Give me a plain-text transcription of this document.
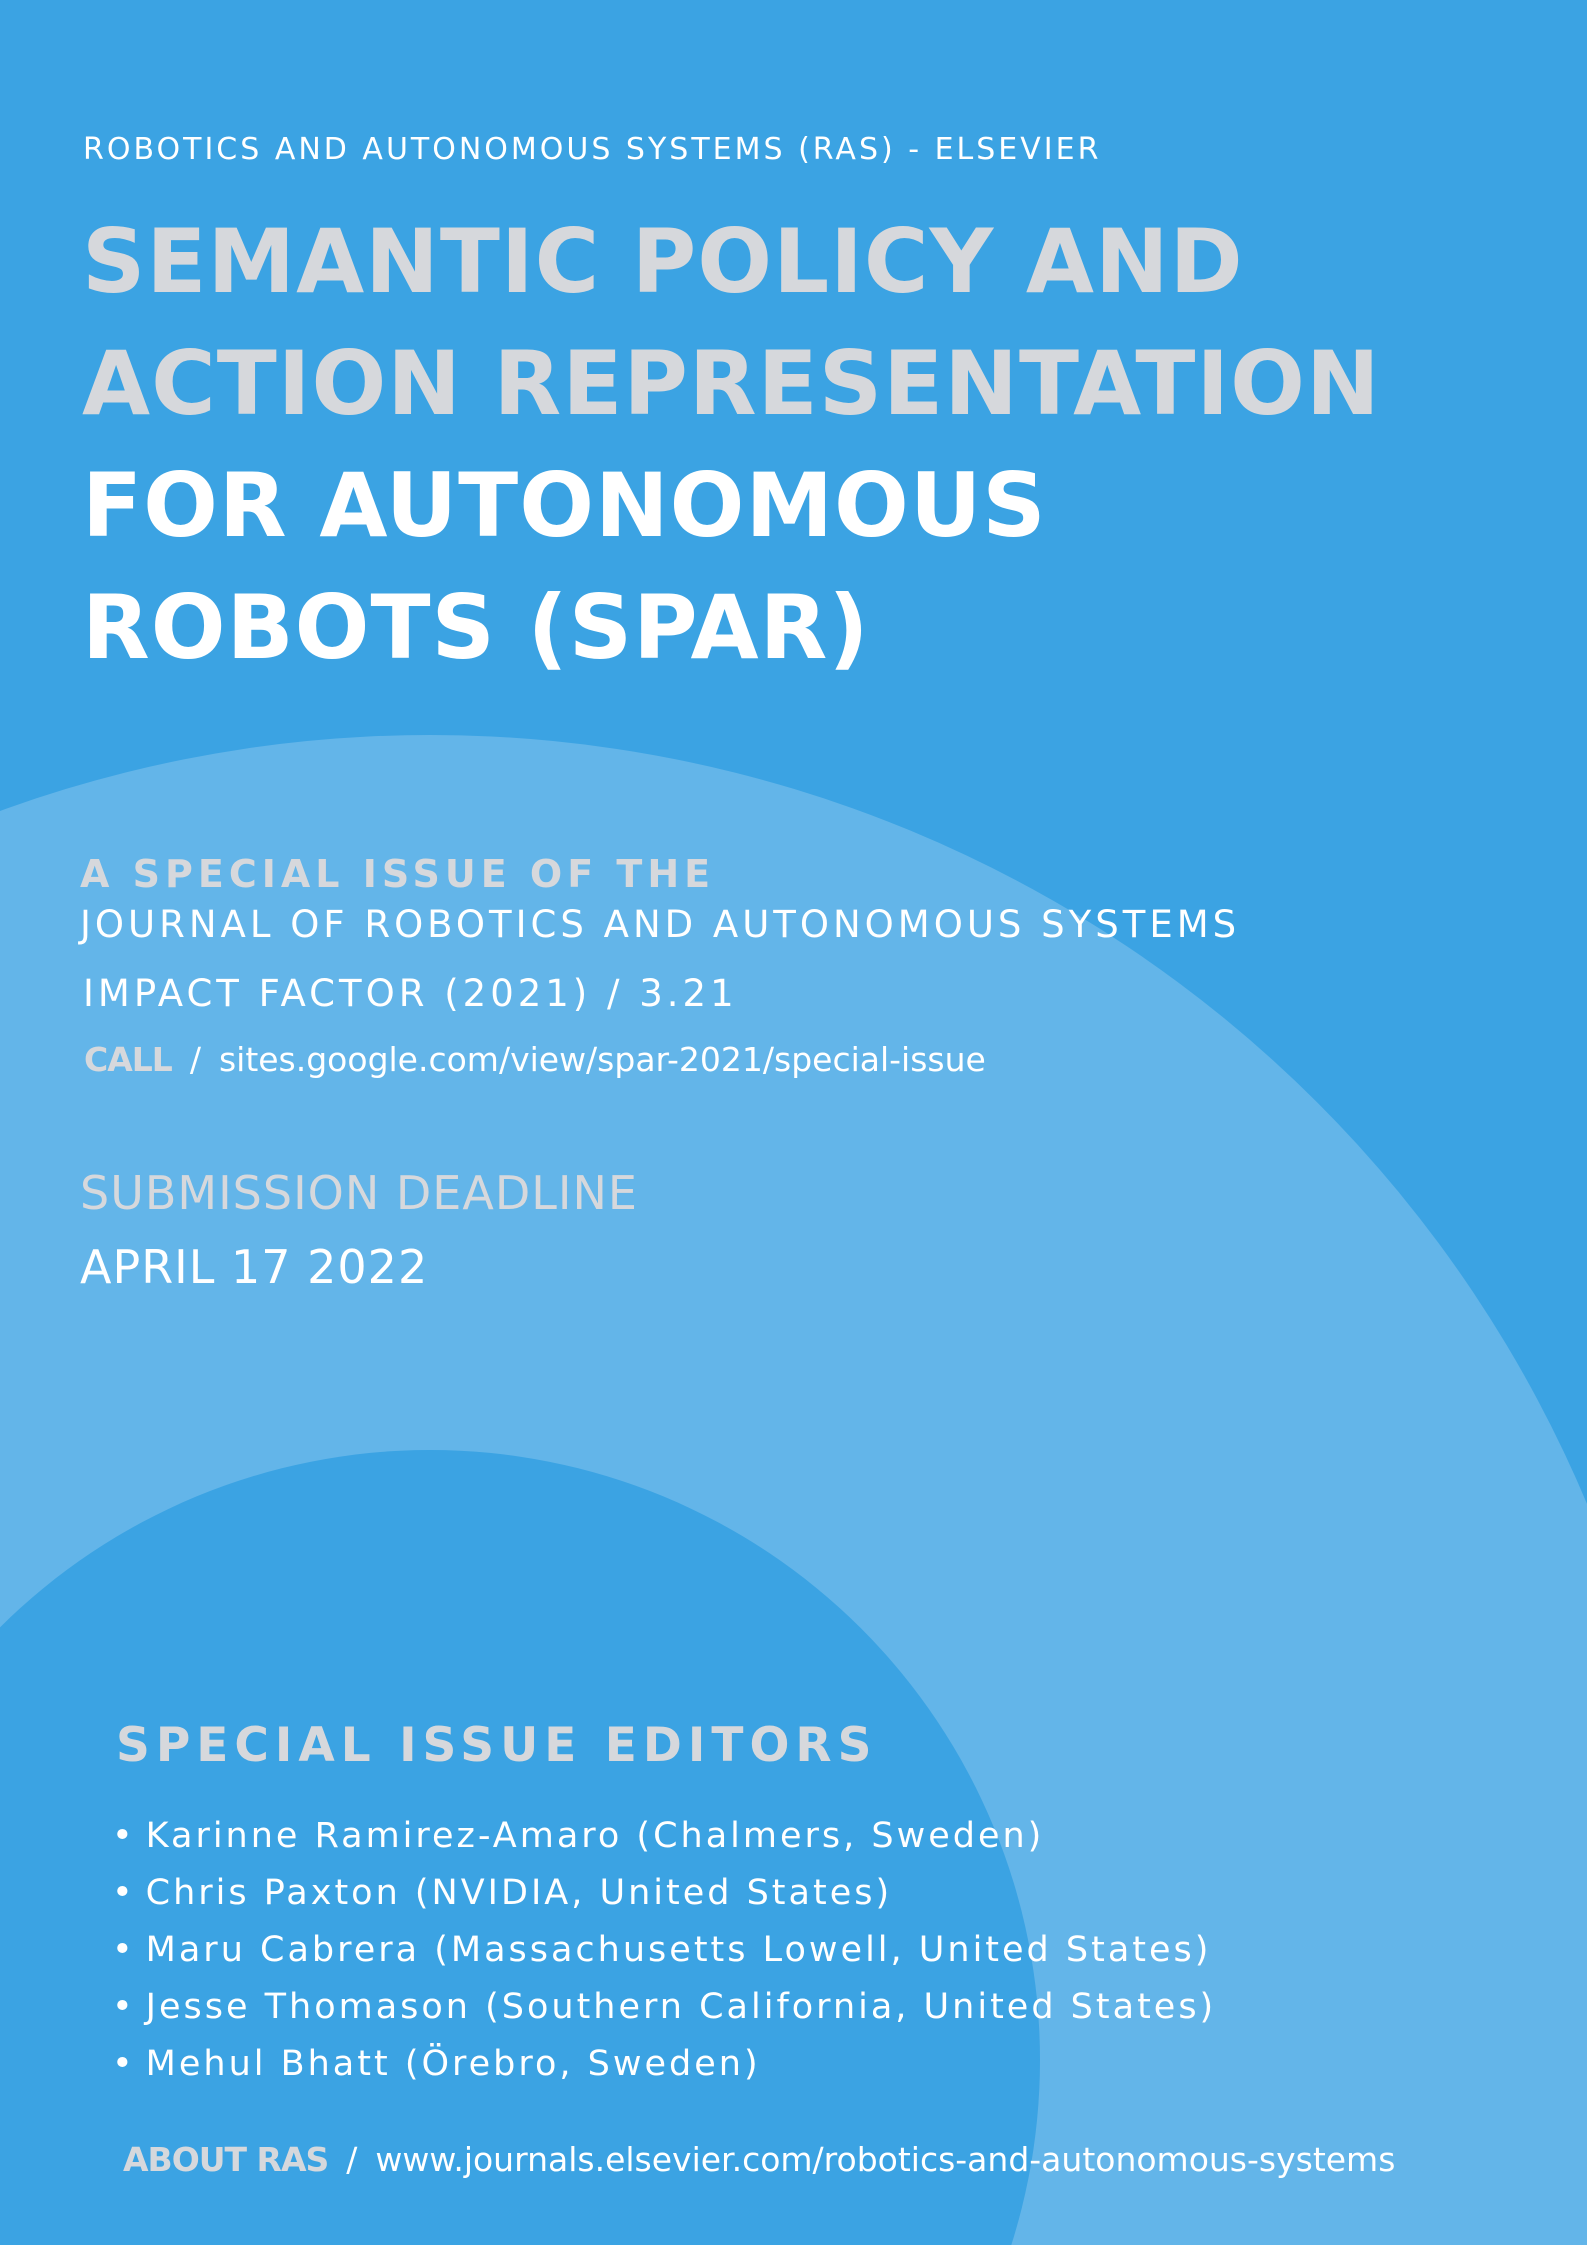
ROBOTICS AND AUTONOMOUS SYSTEMS (RAS) - ELSEVIER
SEMANTIC POLICY AND
ACTION REPRESENTATION
FOR AUTONOMOUS
ROBOTS (SPAR)
A SPECIAL ISSUE OF THE
JOURNAL OF ROBOTICS AND AUTONOMOUS SYSTEMS
IMPACT FACTOR (2021) / 3.21
CALL / sites.google.com/view/spar-2021/special-issue
SUBMISSION DEADLINE
APRIL 17 2022
SPECIAL ISSUE EDITORS
• Karinne Ramirez-Amaro (Chalmers, Sweden)
• Chris Paxton (NVIDIA, United States)
• Maru Cabrera (Massachusetts Lowell, United States)
• Jesse Thomason (Southern California, United States)
• Mehul Bhatt (Örebro, Sweden)
ABOUT RAS / www.journals.elsevier.com/robotics-and-autonomous-systems
